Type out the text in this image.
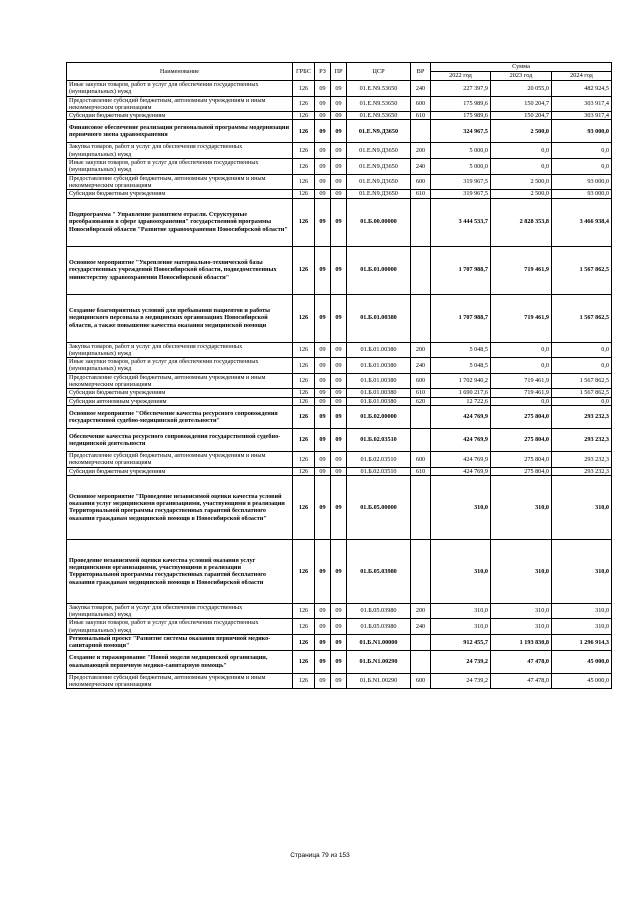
Наименование	ГРБС	РЗ	ПР	ЦСР	ВР	Сумма		
						2022 год	2023 год	2024 год
Иные закупки товаров, работ и услуг для обеспечения государственных (муниципальных) нужд	126	09	09	01.Е.N9.53650	240	227 397,9	20 055,0	482 924,5
Предоставление субсидий бюджетным, автономным учреждениям и иным некоммерческим организациям	126	09	09	01.Е.N9.53650	600	175 989,6	150 204,7	303 917,4
Субсидии бюджетным учреждениям	126	09	09	01.Е.N9.53650	610	175 989,6	150 204,7	303 917,4
Финансовое обеспечение реализации региональной программы модернизации первичного звена здравоохранения	126	09	09	01.Е.N9.Д3650		324 967,5	2 500,0	93 000,0
Закупка товаров, работ и услуг для обеспечения государственных (муниципальных) нужд	126	09	09	01.Е.N9.Д3650	200	5 000,0	0,0	0,0
Иные закупки товаров, работ и услуг для обеспечения государственных (муниципальных) нужд	126	09	09	01.Е.N9.Д3650	240	5 000,0	0,0	0,0
Предоставление субсидий бюджетным, автономным учреждениям и иным некоммерческим организациям	126	09	09	01.Е.N9.Д3650	600	319 967,5	2 500,0	93 000,0
Субсидии бюджетным учреждениям	126	09	09	01.Е.N9.Д3650	610	319 967,5	2 500,0	93 000,0
Подпрограмма " Управление развитием отрасли. Структурные преобразования в сфере здравоохранения" государственной программы Новосибирской области "Развитие здравоохранения Новосибирской области"	126	09	09	01.Б.00.00000		3 444 533,7	2 828 353,8	3 466 938,4
Основное мероприятие "Укрепление материально-технической базы государственных учреждений Новосибирской области, подведомственных министерству здравоохранения Новосибирской области"	126	09	09	01.Б.01.00000		1 707 988,7	719 461,9	1 567 862,5
Создание благоприятных условий для пребывания пациентов и работы медицинского персонала в медицинских организациях Новосибирской области, а также повышение качества оказания медицинской помощи	126	09	09	01.Б.01.00380		1 707 988,7	719 461,9	1 567 862,5
Закупка товаров, работ и услуг для обеспечения государственных (муниципальных) нужд	126	09	09	01.Б.01.00380	200	5 048,5	0,0	0,0
Иные закупки товаров, работ и услуг для обеспечения государственных (муниципальных) нужд	126	09	09	01.Б.01.00380	240	5 048,5	0,0	0,0
Предоставление субсидий бюджетным, автономным учреждениям и иным некоммерческим организациям	126	09	09	01.Б.01.00380	600	1 702 940,2	719 461,9	1 567 862,5
Субсидии бюджетным учреждениям	126	09	09	01.Б.01.00380	610	1 690 217,6	719 461,9	1 567 862,5
Субсидии автономным учреждениям	126	09	09	01.Б.01.00380	620	12 722,6	0,0	0,0
Основное мероприятие "Обеспечение качества ресурсного сопровождения государственной судебно-медицинской деятельности"	126	09	09	01.Б.02.00000		424 769,9	275 804,0	293 232,3
Обеспечение качества ресурсного сопровождения государственной судебно-медицинской деятельности	126	09	09	01.Б.02.03510		424 769,9	275 804,0	293 232,3
Предоставление субсидий бюджетным, автономным учреждениям и иным некоммерческим организациям	126	09	09	01.Б.02.03510	600	424 769,9	275 804,0	293 232,3
Субсидии бюджетным учреждениям	126	09	09	01.Б.02.03510	610	424 769,9	275 804,0	293 232,3
Основное мероприятие "Проведение независимой оценки качества условий оказания услуг медицинскими организациями, участвующими в реализации Территориальной программы государственных гарантий бесплатного оказания гражданам медицинской помощи в Новосибирской области"	126	09	09	01.Б.05.00000		310,0	310,0	310,0
Проведение независимой оценки качества условий оказания услуг медицинскими организациями, участвующими в реализации Территориальной программы государственных гарантий бесплатного оказания гражданам медицинской помощи в Новосибирской области	126	09	09	01.Б.05.03980		310,0	310,0	310,0
Закупка товаров, работ и услуг для обеспечения государственных (муниципальных) нужд	126	09	09	01.Б.05.03980	200	310,0	310,0	310,0
Иные закупки товаров, работ и услуг для обеспечения государственных (муниципальных) нужд	126	09	09	01.Б.05.03980	240	310,0	310,0	310,0
Региональный проект "Развитие системы оказания первичной медико-санитарной помощи"	126	09	09	01.Б.N1.00000		912 455,7	1 193 830,8	1 296 914,3
Создание и тиражирование "Новой модели медицинской организации, оказывающей первичную медико-санитарную помощь"	126	09	09	01.Б.N1.00290		24 739,2	47 478,0	45 000,0
Предоставление субсидий бюджетным, автономным учреждениям и иным некоммерческим организациям	126	09	09	01.Б.N1.00290	600	24 739,2	47 478,0	45 000,0
Страница 79 из 153
